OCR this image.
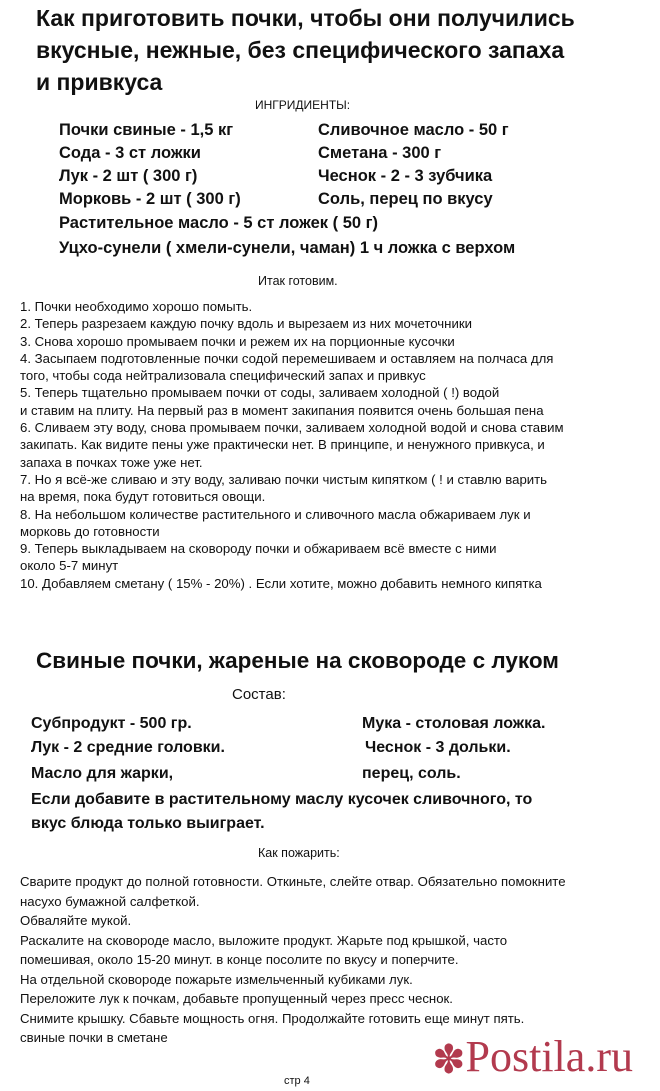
Как приготовить почки, чтобы они получились
вкусные, нежные, без специфического запаха
и привкуса
ИНГРИДИЕНТЫ:
Почки свиные - 1,5 кг
Сода - 3 ст ложки
Лук - 2 шт ( 300 г)
Морковь - 2 шт ( 300 г)
Сливочное масло - 50 г
Сметана - 300 г
Чеснок - 2 - 3 зубчика
Соль, перец по вкусу
Растительное масло - 5 ст ложек ( 50 г)
Уцхо-сунели ( хмели-сунели, чаман) 1 ч ложка с верхом
Итак готовим.
1. Почки необходимо хорошо помыть.
2. Теперь разрезаем каждую почку вдоль и вырезаем из них мочеточники
3. Снова хорошо промываем почки и режем их на порционные кусочки
4. Засыпаем подготовленные почки содой перемешиваем и оставляем на полчаса для
того, чтобы сода нейтрализовала специфический запах и привкус
5. Теперь тщательно промываем почки от соды, заливаем холодной ( !) водой
и ставим на плиту. На первый раз в момент закипания появится очень большая пена
6. Сливаем эту воду, снова промываем почки, заливаем холодной водой и снова ставим
закипать. Как видите пены уже практически нет. В принципе, и ненужного привкуса, и
запаха в почках тоже уже нет.
7. Но я всё-же сливаю и эту воду, заливаю почки чистым кипятком ( ! и ставлю варить
на время, пока будут готовиться овощи.
8. На небольшом количестве растительного и сливочного масла обжариваем лук и
морковь до готовности
9. Теперь выкладываем на сковороду почки и обжариваем всё вместе с ними
около 5-7 минут
10. Добавляем сметану ( 15% - 20%) . Если хотите, можно добавить немного кипятка
Свиные почки, жареные на сковороде с луком
Состав:
Субпродукт - 500 гр.
Лук - 2 средние головки.
Масло для жарки,
Мука - столовая ложка.
Чеснок - 3 дольки.
перец, соль.
Если добавите в растительному маслу кусочек сливочного, то
вкус блюда только выиграет.
Как пожарить:
Сварите продукт до полной готовности. Откиньте, слейте отвар. Обязательно помокните
насухо бумажной салфеткой.
Обваляйте мукой.
Раскалите на сковороде масло, выложите продукт. Жарьте под крышкой, часто
помешивая, около 15-20 минут. в конце посолите по вкусу и поперчите.
На отдельной сковороде пожарьте измельченный кубиками лук.
Переложите лук к почкам, добавьте пропущенный через пресс чеснок.
Снимите крышку. Сбавьте мощность огня. Продолжайте готовить еще минут пять.
свиные почки в сметане
стр 4	✽Postila.ru
